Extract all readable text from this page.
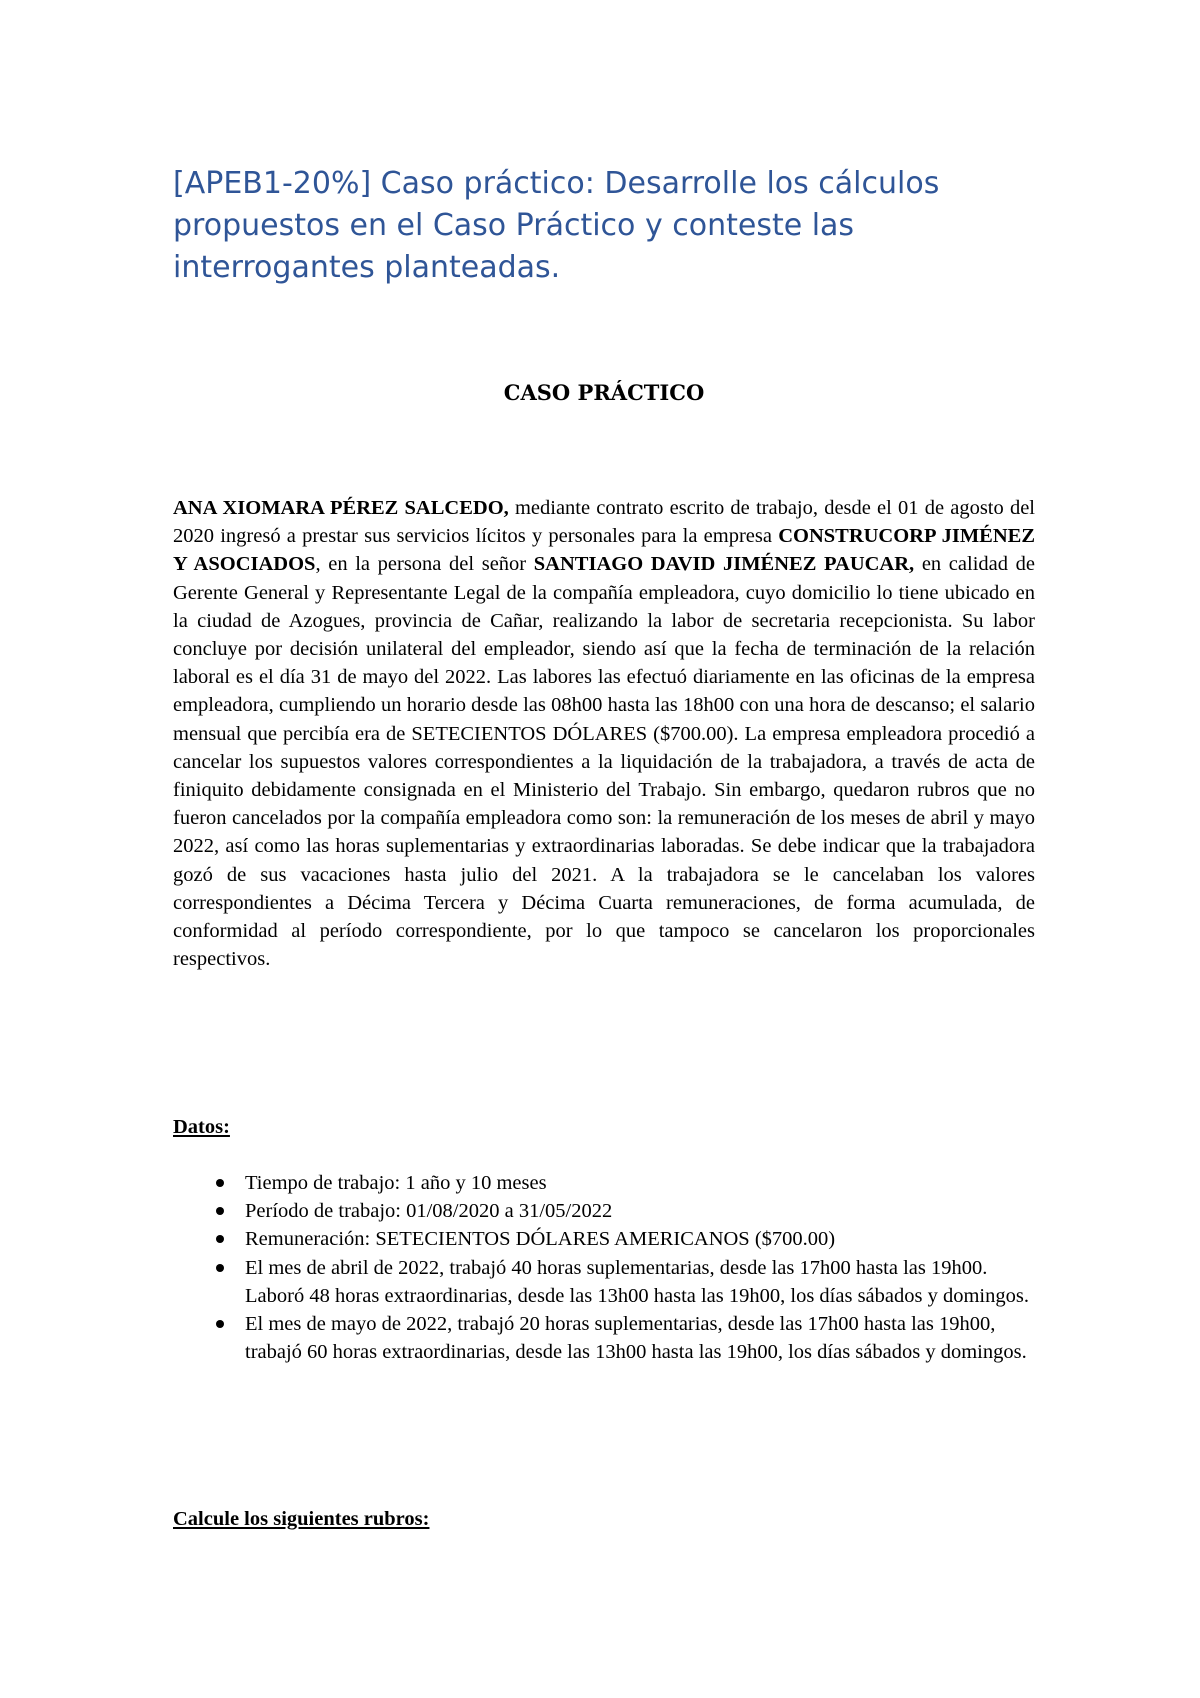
[APEB1-20%] Caso práctico: Desarrolle los cálculos propuestos en el Caso Práctico y conteste las interrogantes planteadas.
CASO PRÁCTICO

ANA XIOMARA PÉREZ SALCEDO, mediante contrato escrito de trabajo, desde el 01 de agosto del 2020 ingresó a prestar sus servicios lícitos y personales para la empresa CONSTRUCORP JIMÉNEZ Y ASOCIADOS, en la persona del señor SANTIAGO DAVID JIMÉNEZ PAUCAR, en calidad de Gerente General y Representante Legal de la compañía empleadora, cuyo domicilio lo tiene ubicado en la ciudad de Azogues, provincia de Cañar, realizando la labor de secretaria recepcionista. Su labor concluye por decisión unilateral del empleador, siendo así que la fecha de terminación de la relación laboral es el día 31 de mayo del 2022. Las labores las efectuó diariamente en las oficinas de la empresa empleadora, cumpliendo un horario desde las 08h00 hasta las 18h00 con una hora de descanso; el salario mensual que percibía era de SETECIENTOS DÓLARES ($700.00). La empresa empleadora procedió a cancelar los supuestos valores correspondientes a la liquidación de la trabajadora, a través de acta de finiquito debidamente consignada en el Ministerio del Trabajo. Sin embargo, quedaron rubros que no fueron cancelados por la compañía empleadora como son: la remuneración de los meses de abril y mayo 2022, así como las horas suplementarias y extraordinarias laboradas. Se debe indicar que la trabajadora gozó de sus vacaciones hasta julio del 2021. A la trabajadora se le cancelaban los valores correspondientes a Décima Tercera y Décima Cuarta remuneraciones, de forma acumulada, de conformidad al período correspondiente, por lo que tampoco se cancelaron los proporcionales respectivos.

Datos:

Tiempo de trabajo: 1 año y 10 meses
Período de trabajo: 01/08/2020 a 31/05/2022
Remuneración: SETECIENTOS DÓLARES AMERICANOS ($700.00)
El mes de abril de 2022, trabajó 40 horas suplementarias, desde las 17h00 hasta las 19h00. Laboró 48 horas extraordinarias, desde las 13h00 hasta las 19h00, los días sábados y domingos.
El mes de mayo de 2022, trabajó 20 horas suplementarias, desde las 17h00 hasta las 19h00, trabajó 60 horas extraordinarias, desde las 13h00 hasta las 19h00, los días sábados y domingos.

Calcule los siguientes rubros:
